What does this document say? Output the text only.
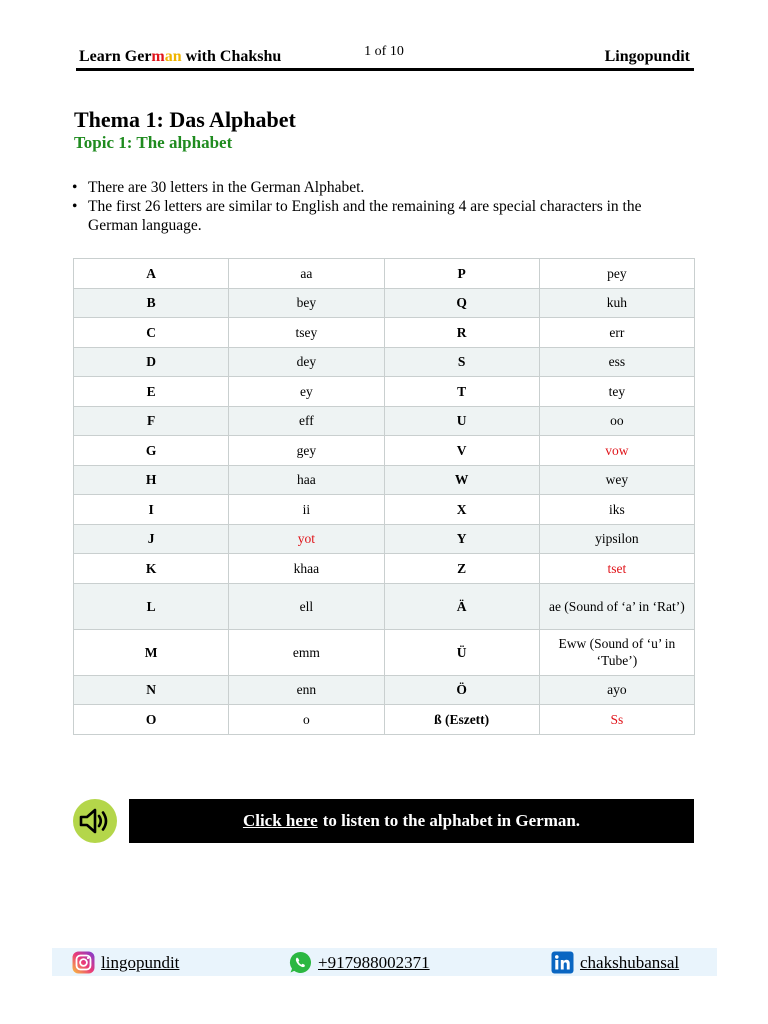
Learn German with Chakshu	1 of 10	Lingopundit
Thema 1: Das Alphabet
Topic 1: The alphabet
• There are 30 letters in the German Alphabet.
• The first 26 letters are similar to English and the remaining 4 are special characters in the German language.
A	aa	P	pey
B	bey	Q	kuh
C	tsey	R	err
D	dey	S	ess
E	ey	T	tey
F	eff	U	oo
G	gey	V	vow
H	haa	W	wey
I	ii	X	iks
J	yot	Y	yipsilon
K	khaa	Z	tset
L	ell	Ä	ae (Sound of ‘a’ in ‘Rat’)
M	emm	Ü	Eww (Sound of ‘u’ in ‘Tube’)
N	enn	Ö	ayo
O	o	ß (Eszett)	Ss
Click here to listen to the alphabet in German.
lingopundit	+917988002371	chakshubansal
